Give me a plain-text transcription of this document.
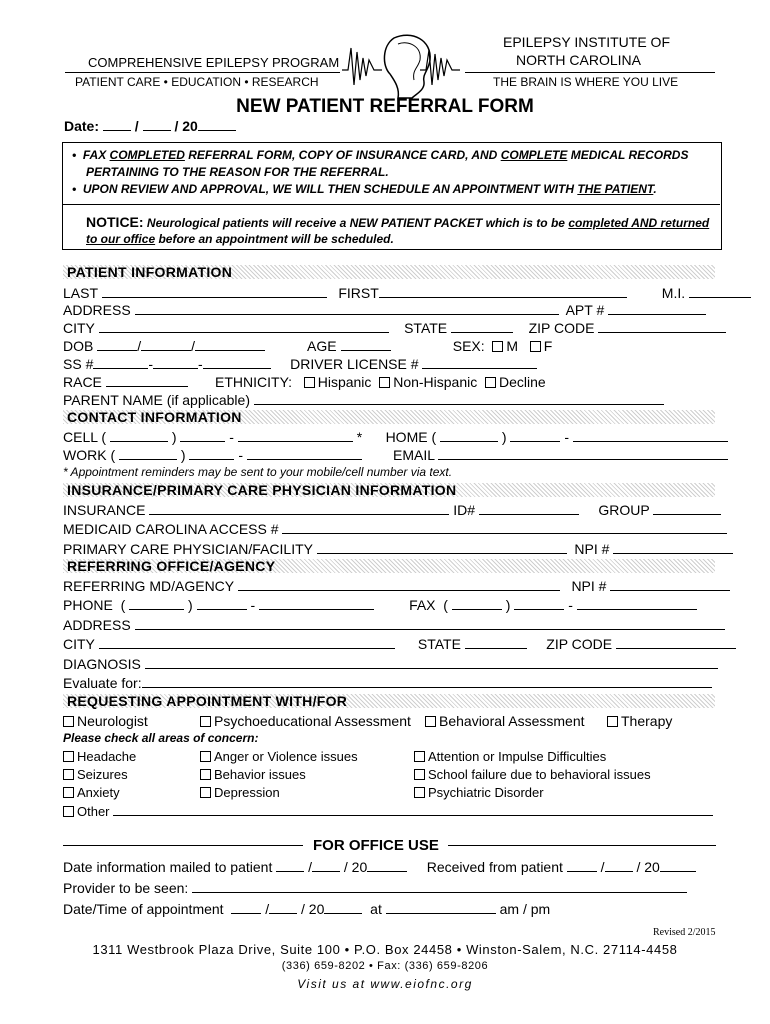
COMPREHENSIVE EPILEPSY PROGRAM
PATIENT CARE • EDUCATION • RESEARCH
EPILEPSY INSTITUTE OF
NORTH CAROLINA
THE BRAIN IS WHERE YOU LIVE
NEW PATIENT REFERRAL FORM
Date:  /  / 20
•  FAX COMPLETED REFERRAL FORM, COPY OF INSURANCE CARD, AND COMPLETE MEDICAL RECORDS
PERTAINING TO THE REASON FOR THE REFERRAL.
•  UPON REVIEW AND APPROVAL, WE WILL THEN SCHEDULE AN APPOINTMENT WITH THE PATIENT.
NOTICE: Neurological patients will receive a NEW PATIENT PACKET which is to be completed AND returned
to our office before an appointment will be scheduled.
PATIENT INFORMATION
LAST	FIRST	M.I.
ADDRESS	APT #
CITY	STATE	ZIP CODE
DOB	/	/	AGE	SEX: M F
SS #	-	-	DRIVER LICENSE #
RACE	ETHNICITY: Hispanic Non-Hispanic Decline
PARENT NAME (if applicable)
CONTACT INFORMATION
CELL (	)	-	*      HOME (	)	-
WORK (	)	-	EMAIL
* Appointment reminders may be sent to your mobile/cell number via text.
INSURANCE/PRIMARY CARE PHYSICIAN INFORMATION
INSURANCE	ID#	GROUP
MEDICAID CAROLINA ACCESS #
PRIMARY CARE PHYSICIAN/FACILITY	NPI #
REFERRING OFFICE/AGENCY
REFERRING MD/AGENCY	NPI #
PHONE  (	)	-	FAX  (	)	-
ADDRESS
CITY	STATE	ZIP CODE
DIAGNOSIS
Evaluate for:
REQUESTING APPOINTMENT WITH/FOR
Neurologist	Psychoeducational Assessment	Behavioral Assessment	Therapy
Please check all areas of concern:
Headache	Anger or Violence issues	Attention or Impulse Difficulties
Seizures	Behavior issues	School failure due to behavioral issues
Anxiety	Depression	Psychiatric Disorder
Other
FOR OFFICE USE
Date information mailed to patient  / / 20	Received from patient  / / 20
Provider to be seen:
Date/Time of appointment	/ / 20	at	am / pm
Revised 2/2015
1311 Westbrook Plaza Drive, Suite 100 • P.O. Box 24458 • Winston-Salem, N.C. 27114-4458
(336) 659-8202 • Fax: (336) 659-8206
Visit us at www.eiofnc.org
